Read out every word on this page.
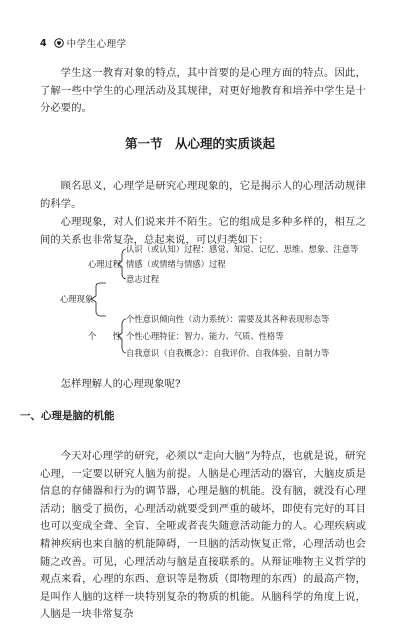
4 中学生心理学

学生这一教育对象的特点，其中首要的是心理方面的特点。因此，了解一些中学生的心理活动及其规律，对更好地教育和培养中学生是十分必要的。

第一节　从心理的实质谈起

顾名思义，心理学是研究心理现象的，它是揭示人的心理活动规律的科学。

心理现象，对人们说来并不陌生。它的组成是多种多样的，相互之间的关系也非常复杂，总起来说，可以归类如下：

心理现象
心理过程
个　　性
认识（或认知）过程：感觉、知觉、记忆、思维、想象、注意等
情感（或情绪与情感）过程
意志过程
个性意识倾向性（动力系统）：需要及其各种表现形态等
个性心理特征：智力、能力、气质、性格等
自我意识（自我概念）：自我评价、自我体验、自制力等

怎样理解人的心理现象呢?

一、心理是脑的机能

今天对心理学的研究，必须以“走向大脑”为特点，也就是说，研究心理，一定要以研究人脑为前提。人脑是心理活动的器官，大脑皮质是信息的存储器和行为的调节器，心理是脑的机能。没有脑，就没有心理活动；脑受了损伤，心理活动就要受到严重的破坏，即使有完好的耳目也可以变成全聋、全盲、全哑或者丧失随意活动能力的人。心理疾病或精神疾病也来自脑的机能障碍，一旦脑的活动恢复正常，心理活动也会随之改善。可见，心理活动与脑是直接联系的。从辩证唯物主义哲学的观点来看，心理的东西、意识等是物质（即物理的东西）的最高产物，是叫作人脑的这样一块特别复杂的物质的机能。从脑科学的角度上说，人脑是一块非常复杂
